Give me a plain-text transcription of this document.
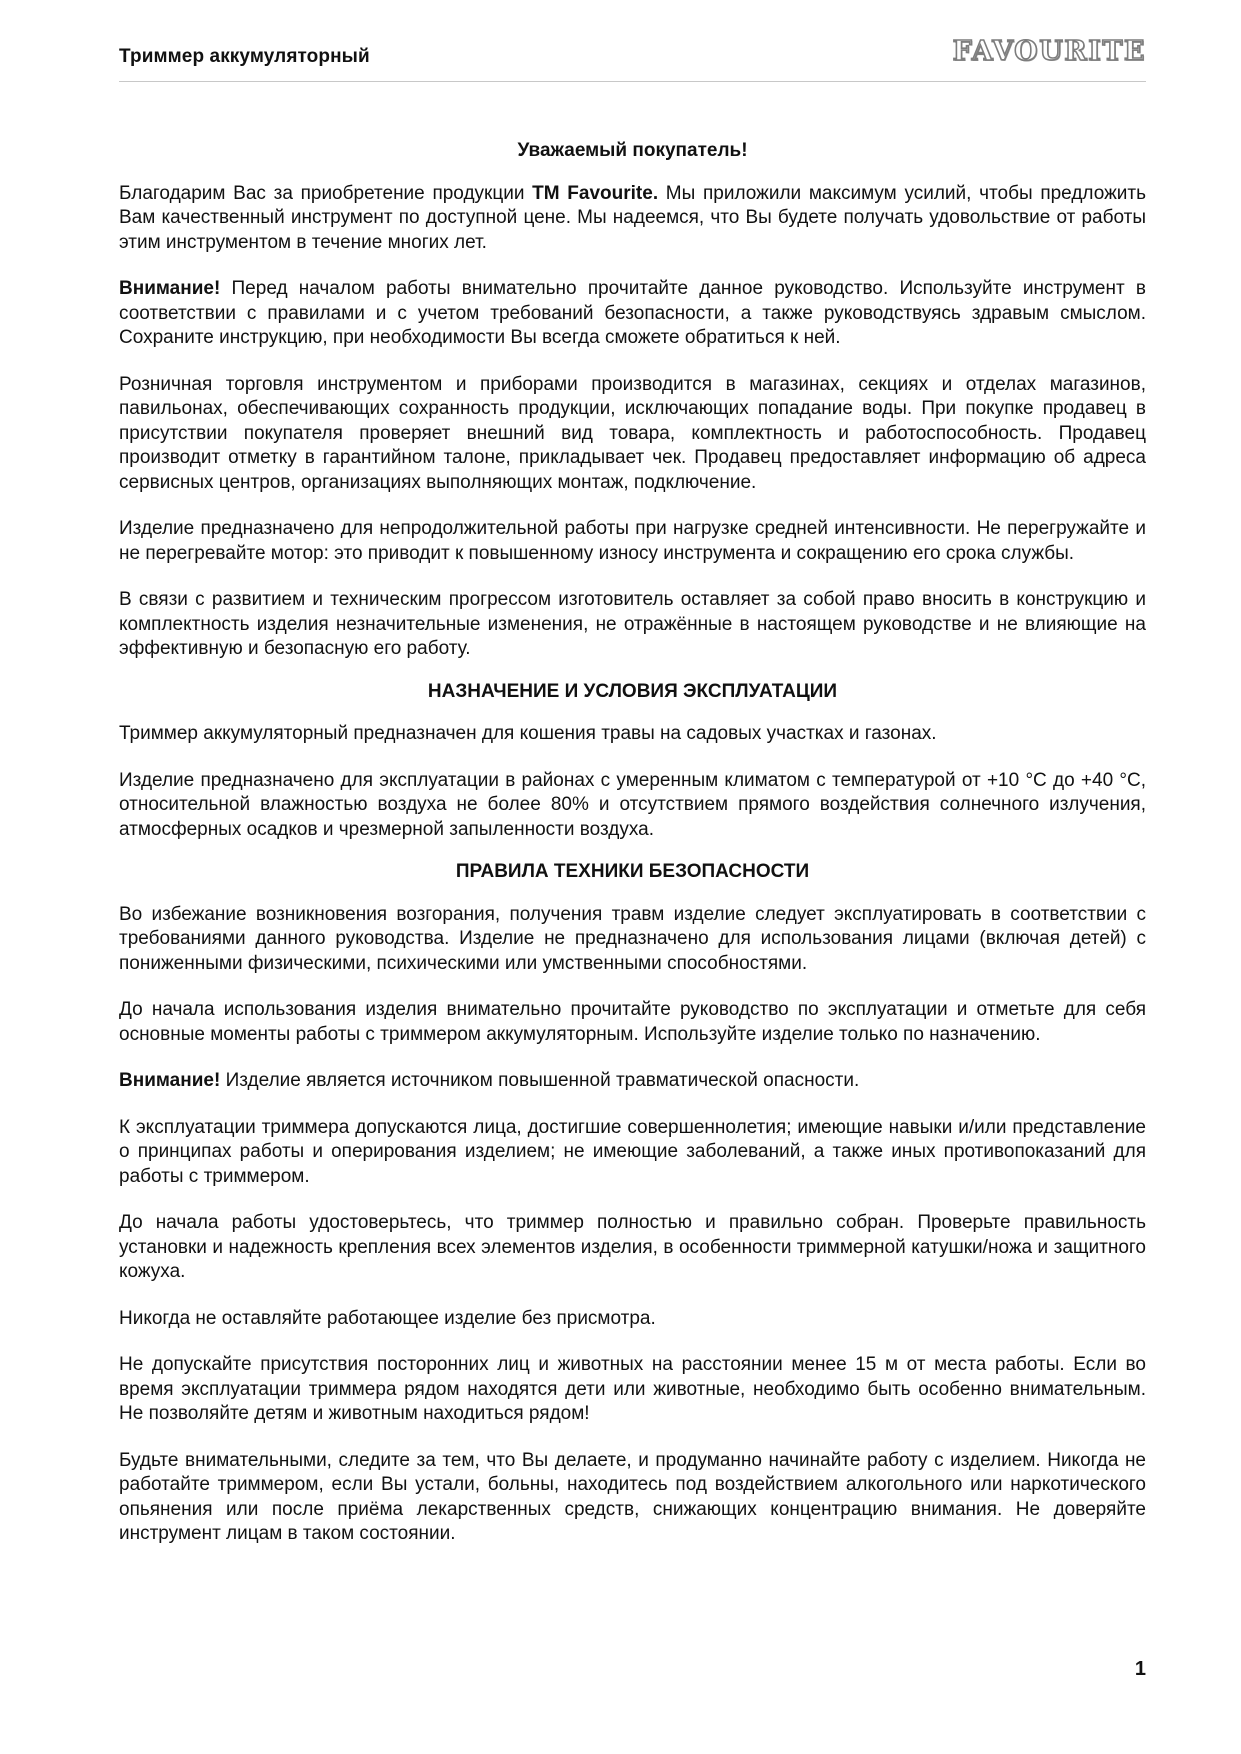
Триммер аккумуляторный	FAVOURITE
Уважаемый покупатель!
Благодарим Вас за приобретение продукции ТМ Favourite. Мы приложили максимум усилий, чтобы предложить Вам качественный инструмент по доступной цене. Мы надеемся, что Вы будете получать удовольствие от работы этим инструментом в течение многих лет.
Внимание! Перед началом работы внимательно прочитайте данное руководство. Используйте инструмент в соответствии с правилами и с учетом требований безопасности, а также руководствуясь здравым смыслом. Сохраните инструкцию, при необходимости Вы всегда сможете обратиться к ней.
Розничная торговля инструментом и приборами производится в магазинах, секциях и отделах магазинов, павильонах, обеспечивающих сохранность продукции, исключающих попадание воды. При покупке продавец в присутствии покупателя проверяет внешний вид товара, комплектность и работоспособность. Продавец производит отметку в гарантийном талоне, прикладывает чек. Продавец предоставляет информацию об адреса сервисных центров, организациях выполняющих монтаж, подключение.
Изделие предназначено для непродолжительной работы при нагрузке средней интенсивности. Не перегружайте и не перегревайте мотор: это приводит к повышенному износу инструмента и сокращению его срока службы.
В связи с развитием и техническим прогрессом изготовитель оставляет за собой право вносить в конструкцию и комплектность изделия незначительные изменения, не отражённые в настоящем руководстве и не влияющие на эффективную и безопасную его работу.
НАЗНАЧЕНИЕ И УСЛОВИЯ ЭКСПЛУАТАЦИИ
Триммер аккумуляторный предназначен для кошения травы на садовых участках и газонах.
Изделие предназначено для эксплуатации в районах с умеренным климатом с температурой от +10 °С до +40 °С, относительной влажностью воздуха не более 80% и отсутствием прямого воздействия солнечного излучения, атмосферных осадков и чрезмерной запыленности воздуха.
ПРАВИЛА ТЕХНИКИ БЕЗОПАСНОСТИ
Во избежание возникновения возгорания, получения травм изделие следует эксплуатировать в соответствии с требованиями данного руководства. Изделие не предназначено для использования лицами (включая детей) с пониженными физическими, психическими или умственными способностями.
До начала использования изделия внимательно прочитайте руководство по эксплуатации и отметьте для себя основные моменты работы с триммером аккумуляторным. Используйте изделие только по назначению.
Внимание! Изделие является источником повышенной травматической опасности.
К эксплуатации триммера допускаются лица, достигшие совершеннолетия; имеющие навыки и/или представление о принципах работы и оперирования изделием; не имеющие заболеваний, а также иных противопоказаний для работы с триммером.
До начала работы удостоверьтесь, что триммер полностью и правильно собран. Проверьте правильность установки и надежность крепления всех элементов изделия, в особенности триммерной катушки/ножа и защитного кожуха.
Никогда не оставляйте работающее изделие без присмотра.
Не допускайте присутствия посторонних лиц и животных на расстоянии менее 15 м от места работы. Если во время эксплуатации триммера рядом находятся дети или животные, необходимо быть особенно внимательным. Не позволяйте детям и животным находиться рядом!
Будьте внимательными, следите за тем, что Вы делаете, и продуманно начинайте работу с изделием. Никогда не работайте триммером, если Вы устали, больны, находитесь под воздействием алкогольного или наркотического опьянения или после приёма лекарственных средств, снижающих концентрацию внимания. Не доверяйте инструмент лицам в таком состоянии.
1
